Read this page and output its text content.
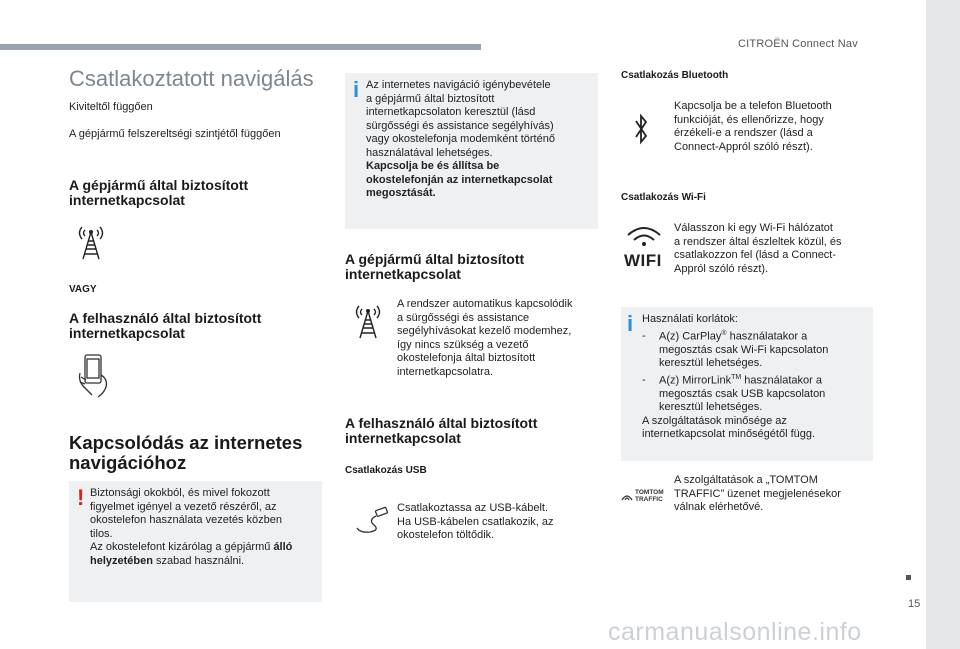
CITROËN Connect Nav
15
carmanualsonline.info
Csatlakoztatott navigálás
Kiviteltől függően
A gépjármű felszereltségi szintjétől függően
A gépjármű által biztosított
internetkapcsolat
VAGY
A felhasználó által biztosított
internetkapcsolat
Kapcsolódás az internetes
navigációhoz
! Biztonsági okokból, és mivel fokozott
figyelmet igényel a vezető részéről, az
okostelefon használata vezetés közben
tilos.
Az okostelefont kizárólag a gépjármű álló
helyzetében szabad használni.
i Az internetes navigáció igénybevétele
a gépjármű által biztosított
internetkapcsolaton keresztül (lásd
sürgősségi és assistance segélyhívás)
vagy okostelefonja modemként történő
használatával lehetséges.
Kapcsolja be és állítsa be
okostelefonján az internetkapcsolat
megosztását.
A gépjármű által biztosított
internetkapcsolat
A rendszer automatikus kapcsolódik
a sürgősségi és assistance
segélyhívásokat kezelő modemhez,
így nincs szükség a vezető
okostelefonja által biztosított
internetkapcsolatra.
A felhasználó által biztosított
internetkapcsolat
Csatlakozás USB
Csatlakoztassa az USB-kábelt.
Ha USB-kábelen csatlakozik, az
okostelefon töltődik.
Csatlakozás Bluetooth
Kapcsolja be a telefon Bluetooth
funkcióját, és ellenőrizze, hogy
érzékeli-e a rendszer (lásd a
Connect-Appról szóló részt).
Csatlakozás Wi-Fi
WIFI
Válasszon ki egy Wi-Fi hálózatot
a rendszer által észleltek közül, és
csatlakozzon fel (lásd a Connect-
Appról szóló részt).
i Használati korlátok:
- A(z) CarPlay® használatakor a
megosztás csak Wi-Fi kapcsolaton
keresztül lehetséges.
- A(z) MirrorLink™ használatakor a
megosztás csak USB kapcsolaton
keresztül lehetséges.
A szolgáltatások minősége az
internetkapcsolat minőségétől függ.
TOMTOM
TRAFFIC
A szolgáltatások a „TOMTOM
TRAFFIC” üzenet megjelenésekor
válnak elérhetővé.
